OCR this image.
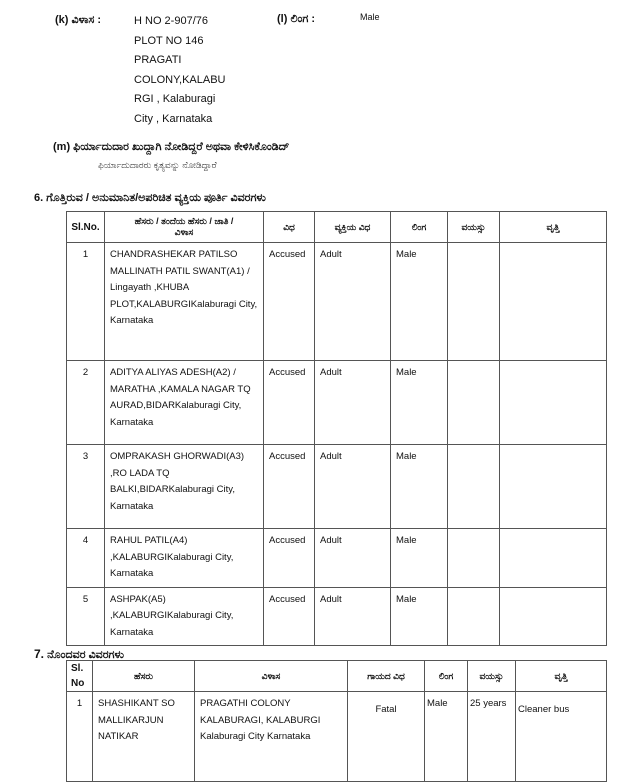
(k) ವಿಳಾಸ :	H NO 2-907/76
PLOT NO 146
PRAGATI
COLONY,KALABU
RGI , Kalaburagi
City , Karnataka
(l) ಲಿಂಗ :	Male
(m) ಫಿರ್ಯಾದುದಾರ ಖುದ್ದಾಗಿ ನೋಡಿದ್ದರೆ ಅಥವಾ ಕೇಳಿಸಿಕೊಂಡಿದ್
ಫಿರ್ಯಾದುದಾರರು ಕೃತ್ಯವನ್ನು ನೋಡಿದ್ದಾರೆ
6. ಗೊತ್ತಿರುವ / ಅನುಮಾನಿತ/ಅಪರಿಚಿತ ವ್ಯಕ್ತಿಯ ಪೂರ್ತಿ ವಿವರಗಳು
Sl.No.	ಹೆಸರು / ತಂದೆಯ ಹೆಸರು / ಜಾತಿ / ವಿಳಾಸ	ವಿಧ	ವ್ಯಕ್ತಿಯ ವಿಧ	ಲಿಂಗ	ವಯಸ್ಸು	ವೃತ್ತಿ
1	CHANDRASHEKAR PATILSO MALLINATH PATIL SWANT(A1) / Lingayath ,KHUBA PLOT,KALABURGIKalaburagi City, Karnataka	Accused	Adult	Male		
2	ADITYA ALIYAS ADESH(A2) / MARATHA ,KAMALA NAGAR TQ AURAD,BIDARKalaburagi City, Karnataka	Accused	Adult	Male		
3	OMPRAKASH GHORWADI(A3) ,RO LADA TQ BALKI,BIDARKalaburagi City, Karnataka	Accused	Adult	Male		
4	RAHUL PATIL(A4) ,KALABURGIKalaburagi City, Karnataka	Accused	Adult	Male		
5	ASHPAK(A5) ,KALABURGIKalaburagi City, Karnataka	Accused	Adult	Male		
7. ನೊಂದವರ ವಿವರಗಳು
Sl. No	ಹೆಸರು	ವಿಳಾಸ	ಗಾಯದ ವಿಧ	ಲಿಂಗ	ವಯಸ್ಸು	ವೃತ್ತಿ
1	SHASHIKANT SO MALLIKARJUN NATIKAR	PRAGATHI COLONY KALABURAGI, KALABURGI Kalaburagi City Karnataka	Fatal	Male	25 years	Cleaner bus
